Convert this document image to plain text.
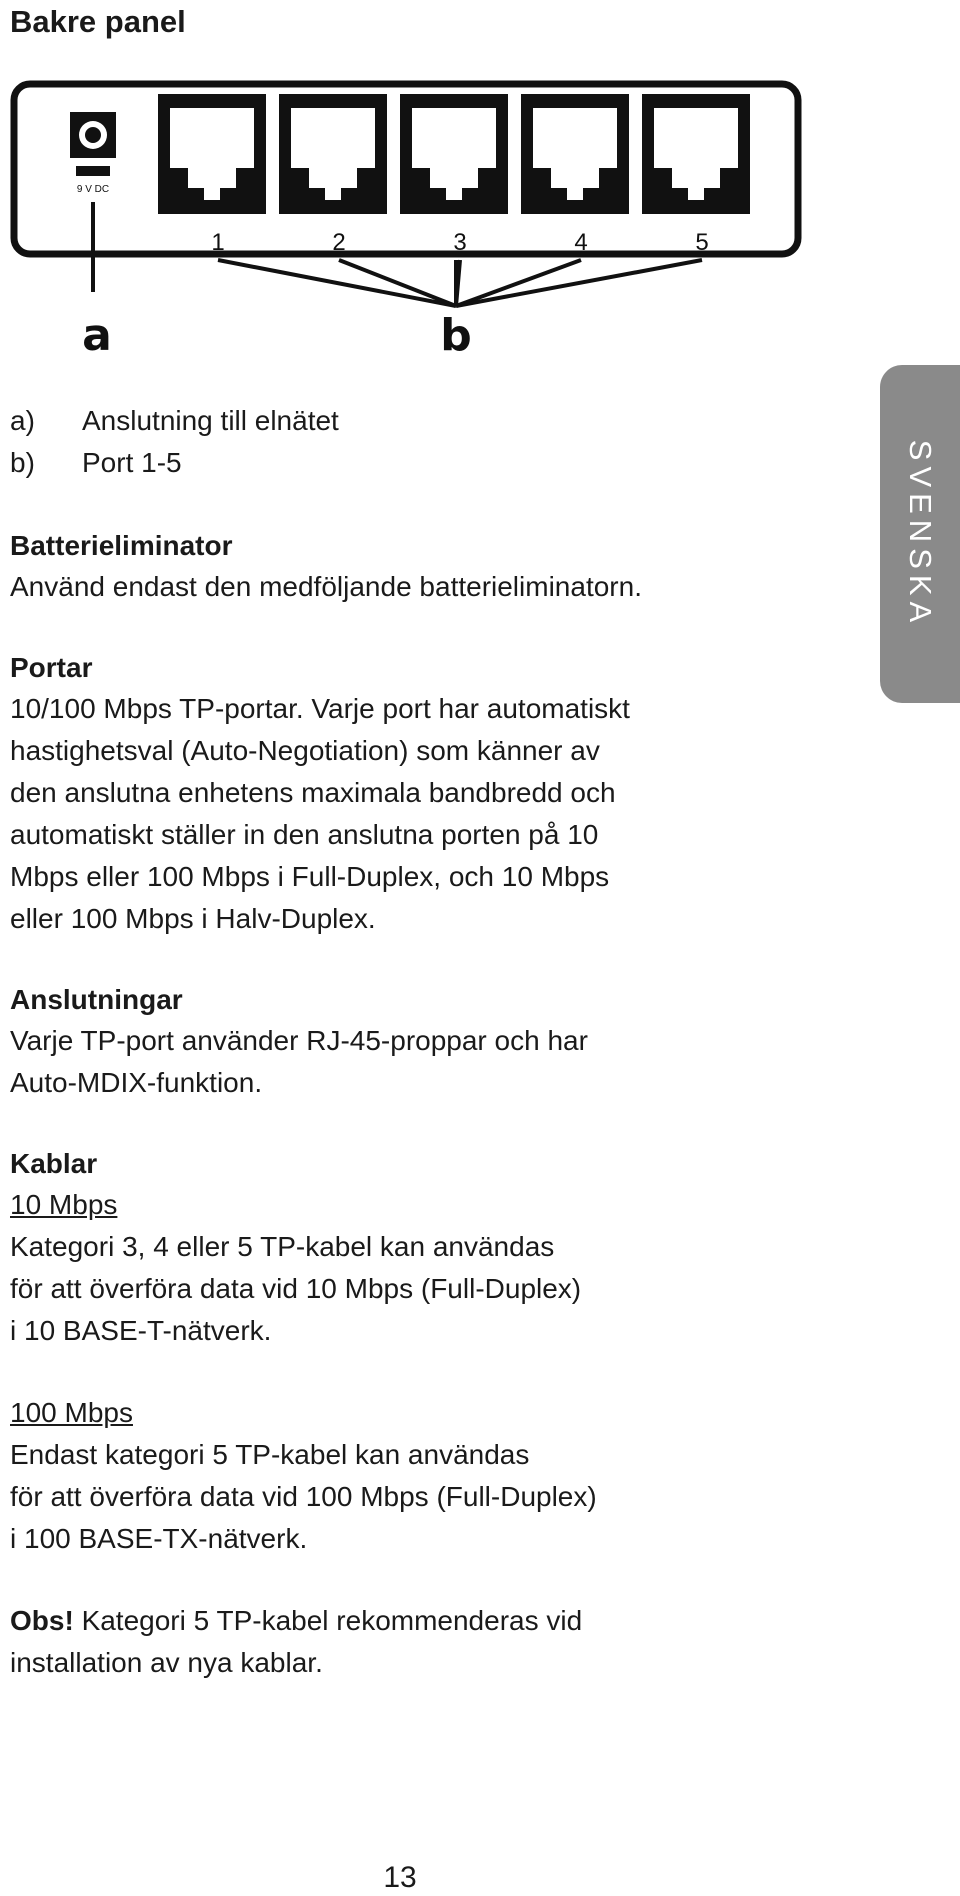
Bakre panel
9 V DC
1	2	3	4	5
a	b
SVENSKA
a)	Anslutning till elnätet
b)	Port 1-5
Batterieliminator

Använd endast den medföljande batterieliminatorn.

Portar

10/100 Mbps TP-portar. Varje port har automatiskt

hastighetsval (Auto-Negotiation) som känner av

den anslutna enhetens maximala bandbredd och

automatiskt ställer in den anslutna porten på 10

Mbps eller 100 Mbps i Full-Duplex, och 10 Mbps

eller 100 Mbps i Halv-Duplex.

Anslutningar

Varje TP-port använder RJ-45-proppar och har

Auto-MDIX-funktion.

Kablar
10 Mbps

Kategori 3, 4 eller 5 TP-kabel kan användas

för att överföra data vid 10 Mbps (Full-Duplex)

i 10 BASE-T-nätverk.

100 Mbps

Endast kategori 5 TP-kabel kan användas

för att överföra data vid 100 Mbps (Full-Duplex)

i 100 BASE-TX-nätverk.

Obs! Kategori 5 TP-kabel rekommenderas vid

installation av nya kablar.

13
